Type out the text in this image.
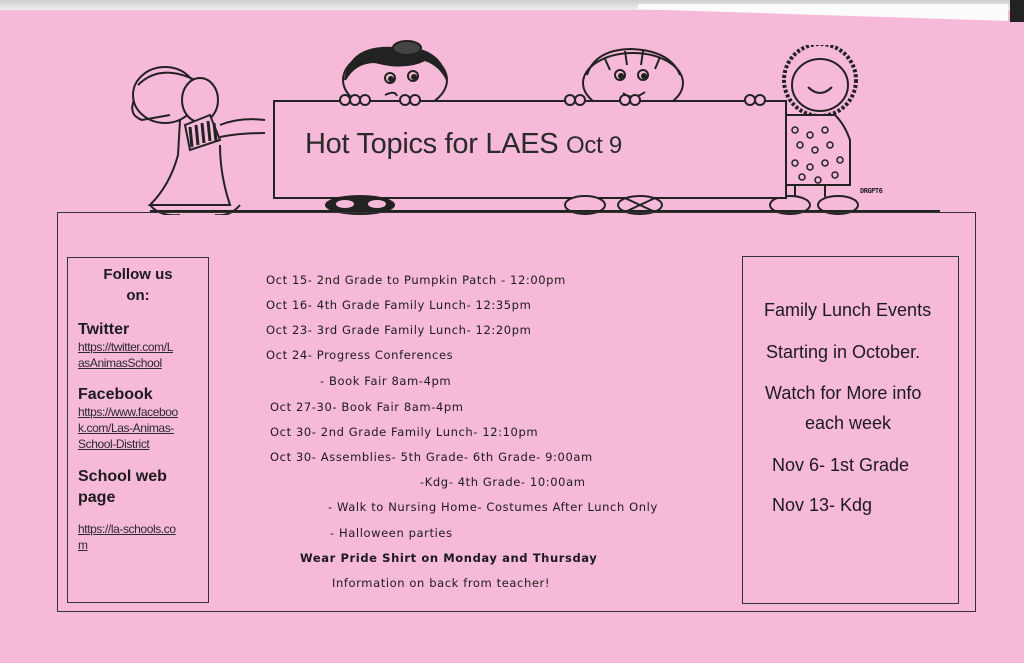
Hot Topics for LAES Oct 9
DRGPT6
Follow us
on:
Twitter
https://twitter.com/LasAnimasSchool
Facebook
https://www.facebook.com/Las-Animas-School-District
School web page
https://la-schools.com
Oct 15- 2nd Grade to Pumpkin Patch - 12:00pm
Oct 16- 4th Grade Family Lunch- 12:35pm
Oct 23- 3rd Grade Family Lunch- 12:20pm
Oct 24- Progress Conferences
- Book Fair 8am-4pm
Oct 27-30- Book Fair 8am-4pm
Oct 30- 2nd Grade Family Lunch- 12:10pm
Oct 30- Assemblies- 5th Grade- 6th Grade- 9:00am
-Kdg- 4th Grade- 10:00am
- Walk to Nursing Home- Costumes After Lunch Only
- Halloween parties
Wear Pride Shirt on Monday and Thursday
Information on back from teacher!
Family Lunch Events
Starting in October.
Watch for More info
each week
Nov 6- 1st Grade
Nov 13- Kdg
